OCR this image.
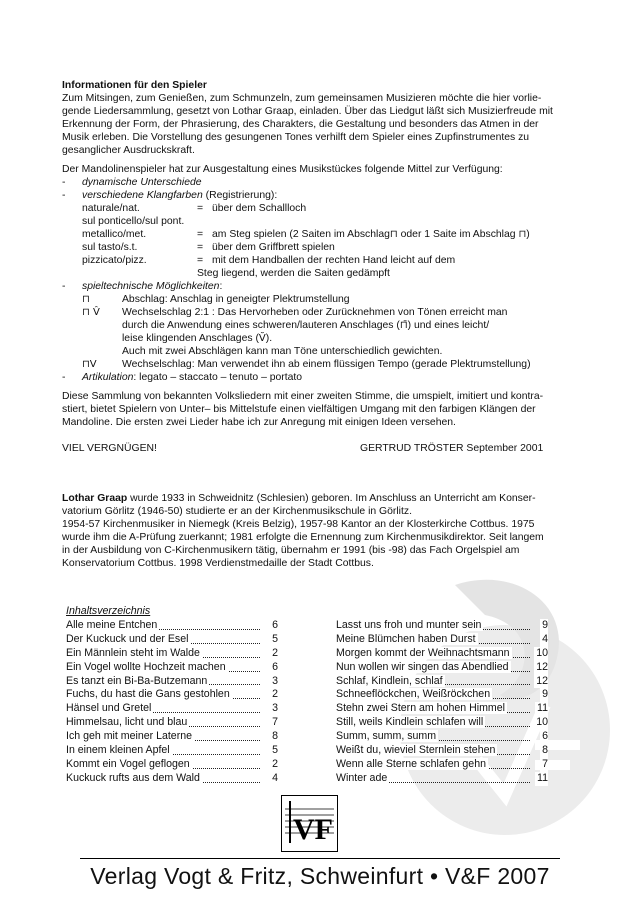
Informationen für den Spieler
Zum Mitsingen, zum Genießen, zum Schmunzeln, zum gemeinsamen Musizieren möchte die hier vorlie-
gende Liedersammlung, gesetzt von Lothar Graap, einladen. Über das Liedgut läßt sich Musizierfreude mit
Erkennung der Form, der Phrasierung, des Charakters, die Gestaltung und besonders das Atmen in der
Musik erleben. Die Vorstellung des gesungenen Tones verhilft dem Spieler eines Zupfinstrumentes zu
gesanglicher Ausdruckskraft.
Der Mandolinenspieler hat zur Ausgestaltung eines Musikstückes folgende Mittel zur Verfügung:
- dynamische Unterschiede
- verschiedene Klangfarben (Registrierung):
naturale/nat.	= über dem Schallloch
sul ponticello/sul pont.
metallico/met.	= am Steg spielen (2 Saiten im Abschlag⊓ oder 1 Saite im Abschlag ⊓)
sul tasto/s.t.	= über dem Griffbrett spielen
pizzicato/pizz.	= mit dem Handballen der rechten Hand leicht auf dem
Steg liegend, werden die Saiten gedämpft
- spieltechnische Möglichkeiten:
⊓	Abschlag: Anschlag in geneigter Plektrumstellung
⊓ V̂ Wechselschlag 2:1 : Das Hervorheben oder Zurücknehmen von Tönen erreicht man
durch die Anwendung eines schweren/lauteren Anschlages (⊓̄) und eines leicht/
leise klingenden Anschlages (V̆).
Auch mit zwei Abschlägen kann man Töne unterschiedlich gewichten.
⊓V Wechselschlag: Man verwendet ihn ab einem flüssigen Tempo (gerade Plektrumstellung)
- Artikulation: legato – staccato – tenuto – portato
Diese Sammlung von bekannten Volksliedern mit einer zweiten Stimme, die umspielt, imitiert und kontra-
stiert, bietet Spielern von Unter– bis Mittelstufe einen vielfältigen Umgang mit den farbigen Klängen der
Mandoline. Die ersten zwei Lieder habe ich zur Anregung mit einigen Ideen versehen.
VIEL VERGNÜGEN!	GERTRUD TRÖSTER September 2001
Lothar Graap wurde 1933 in Schweidnitz (Schlesien) geboren. Im Anschluss an Unterricht am Konser-
vatorium Görlitz (1946-50) studierte er an der Kirchenmusikschule in Görlitz.
1954-57 Kirchenmusiker in Niemegk (Kreis Belzig), 1957-98 Kantor an der Klosterkirche Cottbus. 1975
wurde ihm die A-Prüfung zuerkannt; 1981 erfolgte die Ernennung zum Kirchenmusikdirektor. Seit langem
in der Ausbildung von C-Kirchenmusikern tätig, übernahm er 1991 (bis -98) das Fach Orgelspiel am
Konservatorium Cottbus. 1998 Verdienstmedaille der Stadt Cottbus.
Inhaltsverzeichnis
Alle meine Entchen	6
Der Kuckuck und der Esel	5
Ein Männlein steht im Walde	2
Ein Vogel wollte Hochzeit machen	6
Es tanzt ein Bi-Ba-Butzemann	3
Fuchs, du hast die Gans gestohlen	2
Hänsel und Gretel	3
Himmelsau, licht und blau	7
Ich geh mit meiner Laterne	8
In einem kleinen Apfel	5
Kommt ein Vogel geflogen	2
Kuckuck rufts aus dem Wald	4
Lasst uns froh und munter sein	9
Meine Blümchen haben Durst	4
Morgen kommt der Weihnachtsmann	10
Nun wollen wir singen das Abendlied	12
Schlaf, Kindlein, schlaf	12
Schneeflöckchen, Weißröckchen	9
Stehn zwei Stern am hohen Himmel	11
Still, weils Kindlein schlafen will	10
Summ, summ, summ	6
Weißt du, wieviel Sternlein stehen	8
Wenn alle Sterne schlafen gehn	7
Winter ade	11
VF
Verlag Vogt & Fritz, Schweinfurt • V&F 2007
